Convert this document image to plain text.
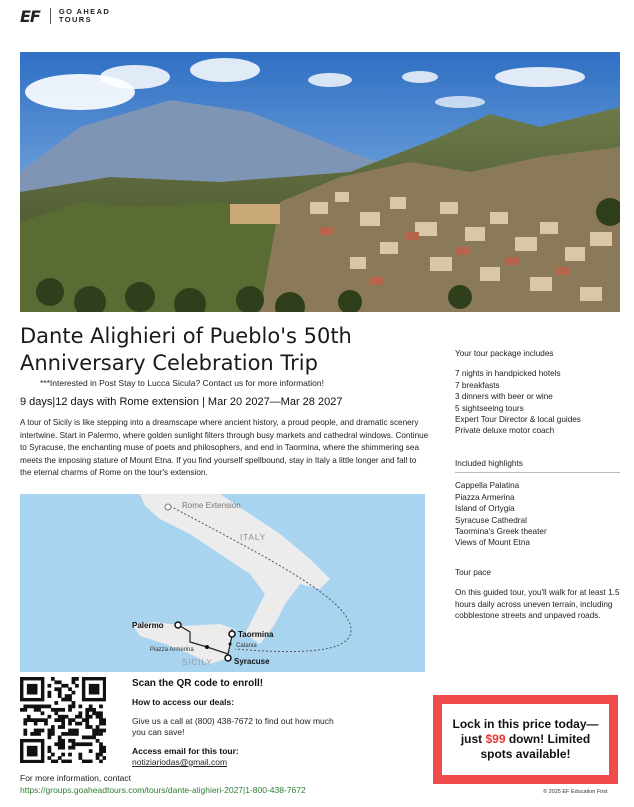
EF	GO AHEAD
TOURS
Dante Alighieri of Pueblo's 50th Anniversary Celebration Trip
***Interested in Post Stay to Lucca Sicula? Contact us for more information!
9 days|12 days with Rome extension | Mar 20 2027—Mar 28 2027

A tour of Sicily is like stepping into a dreamscape where ancient history, a proud people, and dramatic scenery intertwine. Start in Palermo, where golden sunlight filters through busy markets and cathedral windows. Continue to Syracuse, the enchanting muse of poets and philosophers, and end in Taormina, where the shimmering sea meets the imposing stature of Mount Etna. If you find yourself spellbound, stay in Italy a little longer and fall to the eternal charms of Rome on the tour's extension.

Rome Extension
ITALY
SICILY
Palermo
Taormina
Catania
Piazza Armerina
Syracuse
Your tour package includes
7 nights in handpicked hotels
7 breakfasts
3 dinners with beer or wine
5 sightseeing tours
Expert Tour Director & local guides
Private deluxe motor coach
Included highlights
Cappella Palatina
Piazza Armerina
Island of Ortygia
Syracuse Cathedral
Taormina's Greek theater
Views of Mount Etna
Tour pace

On this guided tour, you'll walk for at least 1.5 hours daily across uneven terrain, including cobblestone streets and unpaved roads.

Scan the QR code to enroll!
How to access our deals:
Give us a call at (800) 438-7672 to find out how much you can save!
Access email for this tour:
notiziariodas@gmail.com
For more information, contact
https://groups.goaheadtours.com/tours/dante-alighieri-2027|1-800-438-7672
Lock in this price today—just $99 down! Limited spots available!
© 2025 EF Education First
